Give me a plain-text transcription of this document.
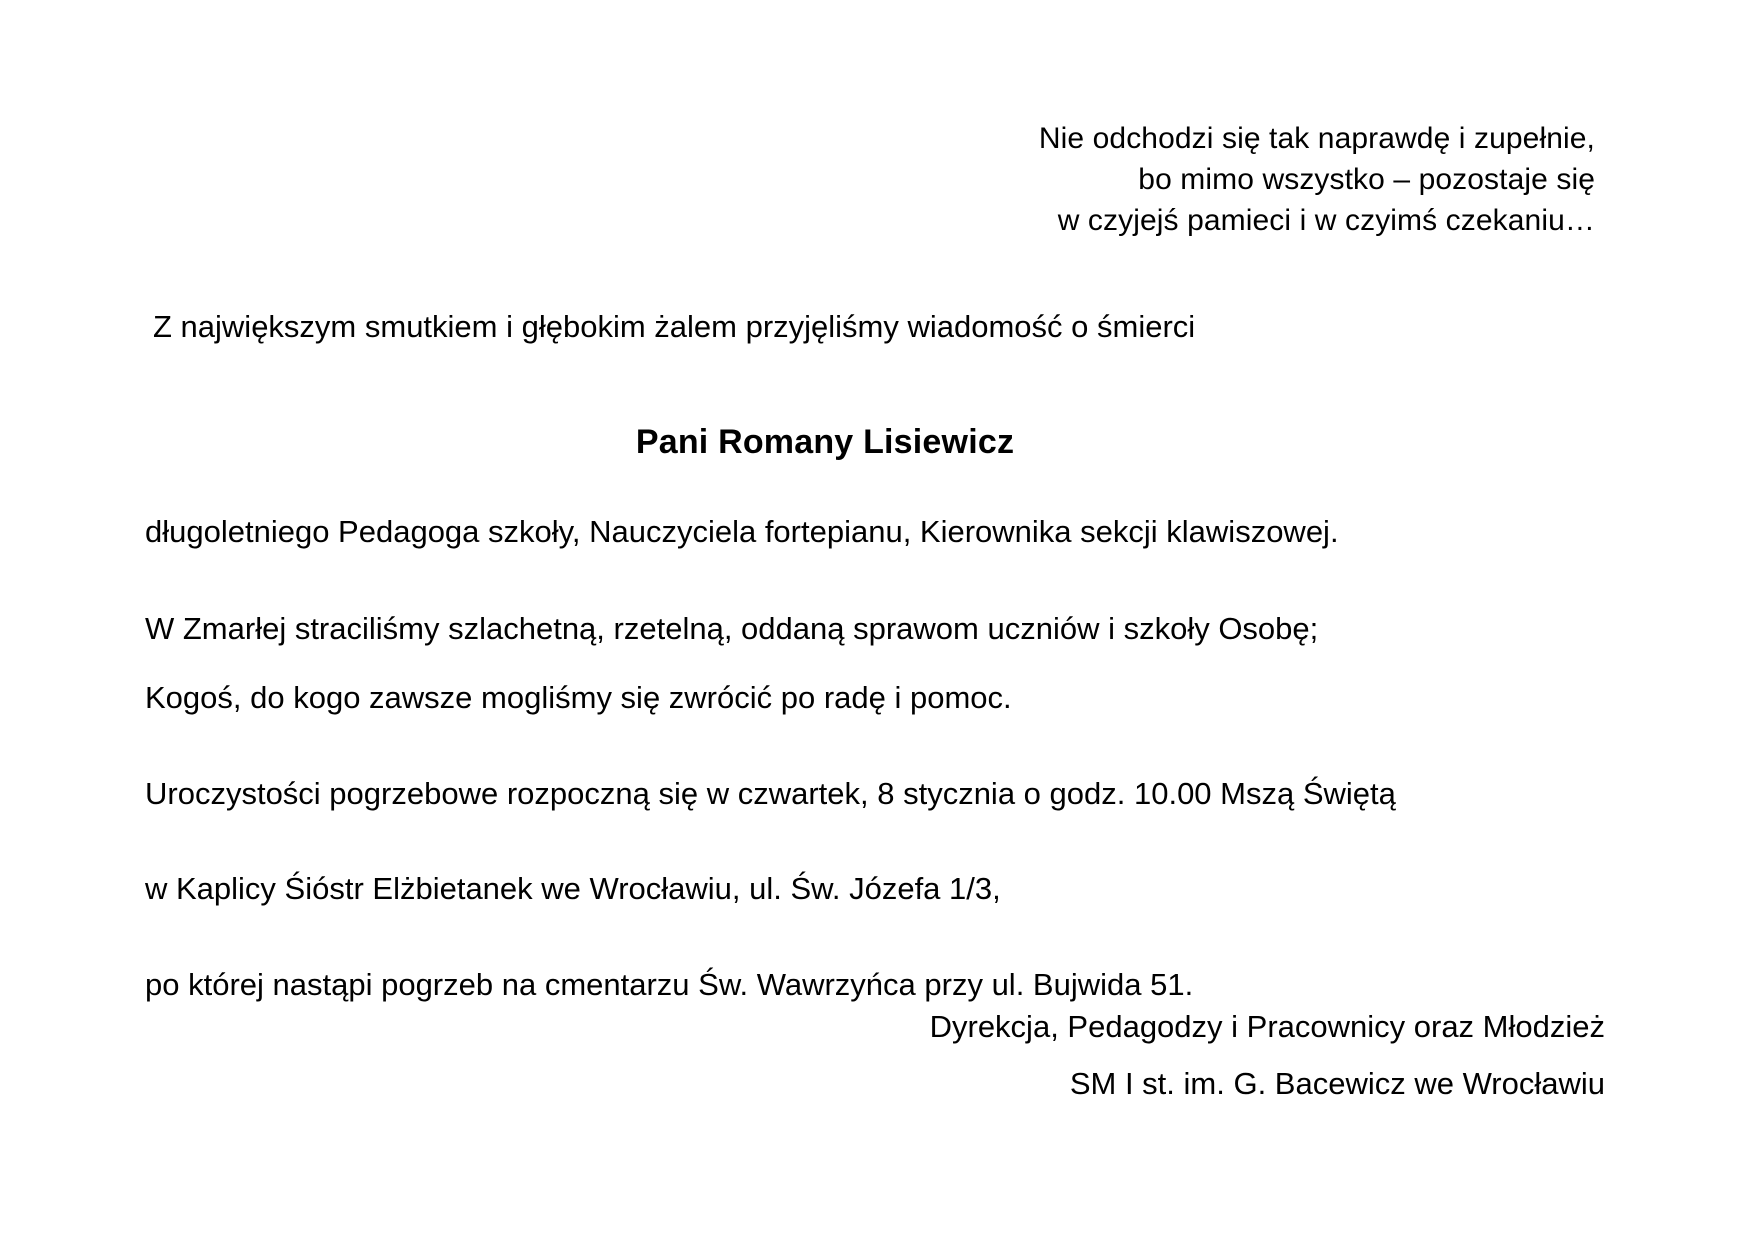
Nie odchodzi się tak naprawdę i zupełnie,
bo mimo wszystko – pozostaje się
w czyjejś pamieci i w czyimś czekaniu…

Z największym smutkiem i głębokim żalem przyjęliśmy wiadomość o śmierci

Pani Romany Lisiewicz

długoletniego Pedagoga szkoły, Nauczyciela fortepianu, Kierownika sekcji klawiszowej.

W Zmarłej straciliśmy szlachetną, rzetelną, oddaną sprawom uczniów i szkoły Osobę;

Kogoś, do kogo zawsze mogliśmy się zwrócić po radę i pomoc.

Uroczystości pogrzebowe rozpoczną się w czwartek, 8 stycznia o godz. 10.00 Mszą Świętą

w Kaplicy Śióstr Elżbietanek we Wrocławiu, ul. Św. Józefa 1/3,

po której nastąpi pogrzeb na cmentarzu Św. Wawrzyńca przy ul. Bujwida 51.

Dyrekcja, Pedagodzy i Pracownicy oraz Młodzież
SM I st. im. G. Bacewicz we Wrocławiu
